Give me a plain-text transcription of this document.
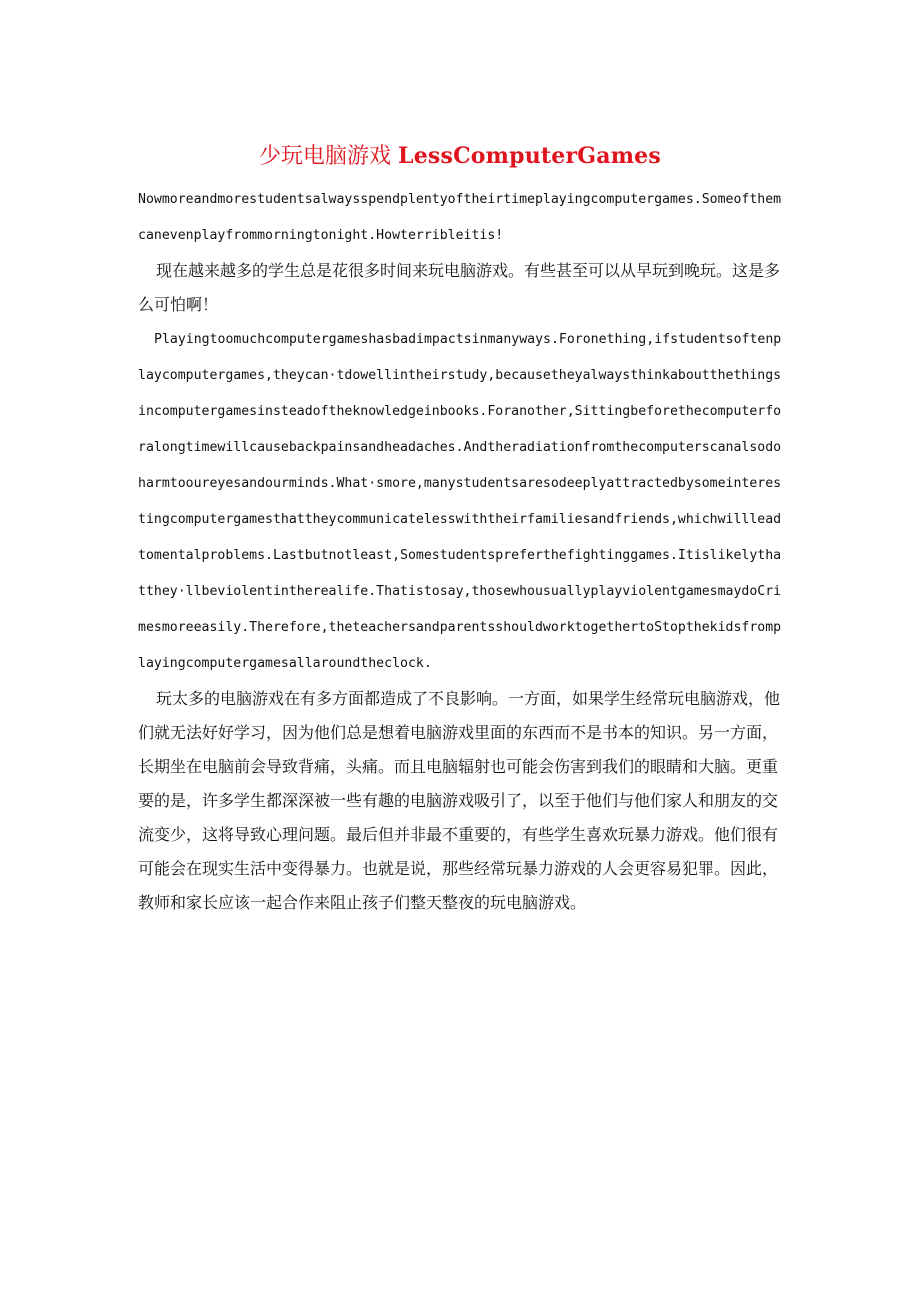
少玩电脑游戏 LessComputerGames

Nowmoreandmorestudentsalwaysspendplentyoftheirtimeplayingcomputergames.Someofthemcanevenplayfrommorningtonight.Howterribleitis!

现在越来越多的学生总是花很多时间来玩电脑游戏。有些甚至可以从早玩到晚玩。这是多么可怕啊！

Playingtoomuchcomputergameshasbadimpactsinmanyways.Foronething,ifstudentsoftenplaycomputergames,theycan·tdowellintheirstudy,becausetheyalwaysthinkaboutthethingsincomputergamesinsteadoftheknowledgeinbooks.Foranother,Sittingbeforethecomputerforalongtimewillcausebackpainsandheadaches.Andtheradiationfromthecomputerscanalsodoharmtooureyesandourminds.What·smore,manystudentsaresodeeplyattractedbysomeinterestingcomputergamesthattheycommunicatelesswiththeirfamiliesandfriends,whichwillleadtomentalproblems.Lastbutnotleast,Somestudentspreferthefightinggames.Itislikelythatthey·llbeviolentintherealife.Thatistosay,thosewhousuallyplayviolentgamesmaydoCrimesmoreeasily.Therefore,theteachersandparentsshouldworktogethertoStopthekidsfromplayingcomputergamesallaroundtheclock.

玩太多的电脑游戏在有多方面都造成了不良影响。一方面，如果学生经常玩电脑游戏，他们就无法好好学习，因为他们总是想着电脑游戏里面的东西而不是书本的知识。另一方面，长期坐在电脑前会导致背痛，头痛。而且电脑辐射也可能会伤害到我们的眼睛和大脑。更重要的是，许多学生都深深被一些有趣的电脑游戏吸引了，以至于他们与他们家人和朋友的交流变少，这将导致心理问题。最后但并非最不重要的，有些学生喜欢玩暴力游戏。他们很有可能会在现实生活中变得暴力。也就是说，那些经常玩暴力游戏的人会更容易犯罪。因此，教师和家长应该一起合作来阻止孩子们整天整夜的玩电脑游戏。
